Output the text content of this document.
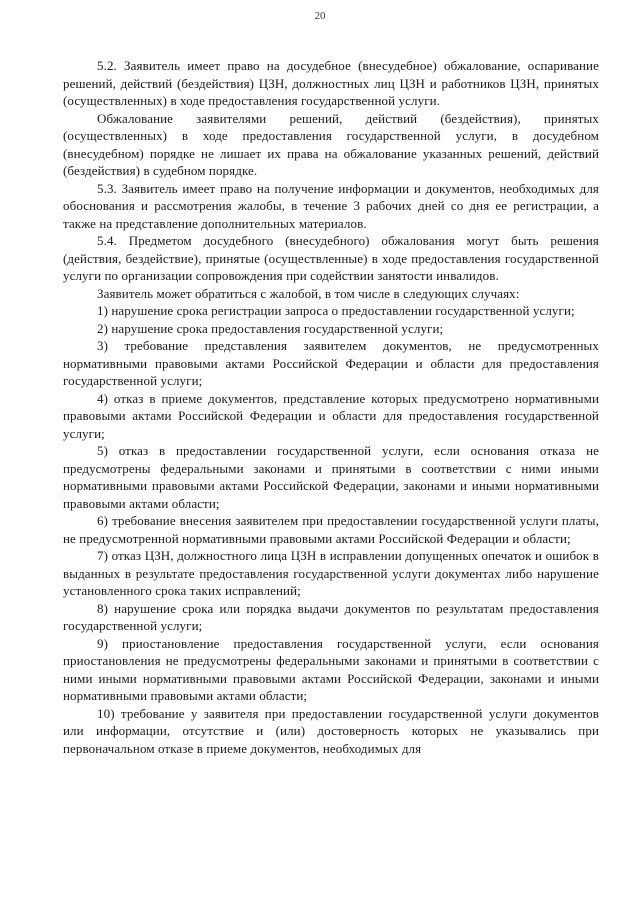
20

5.2. Заявитель имеет право на досудебное (внесудебное) обжалование, оспаривание решений, действий (бездействия) ЦЗН, должностных лиц ЦЗН и работников ЦЗН, принятых (осуществленных) в ходе предоставления государственной услуги.

Обжалование заявителями решений, действий (бездействия), принятых (осуществленных) в ходе предоставления государственной услуги, в досудебном (внесудебном) порядке не лишает их права на обжалование указанных решений, действий (бездействия) в судебном порядке.

5.3. Заявитель имеет право на получение информации и документов, необходимых для обоснования и рассмотрения жалобы, в течение 3 рабочих дней со дня ее регистрации, а также на представление дополнительных материалов.

5.4. Предметом досудебного (внесудебного) обжалования могут быть решения (действия, бездействие), принятые (осуществленные) в ходе предоставления государственной услуги по организации сопровождения при содействии занятости инвалидов.

Заявитель может обратиться с жалобой, в том числе в следующих случаях:

1) нарушение срока регистрации запроса о предоставлении государственной услуги;

2) нарушение срока предоставления государственной услуги;

3) требование представления заявителем документов, не предусмотренных нормативными правовыми актами Российской Федерации и области для предоставления государственной услуги;

4) отказ в приеме документов, представление которых предусмотрено нормативными правовыми актами Российской Федерации и области для предоставления государственной услуги;

5) отказ в предоставлении государственной услуги, если основания отказа не предусмотрены федеральными законами и принятыми в соответствии с ними иными нормативными правовыми актами Российской Федерации, законами и иными нормативными правовыми актами области;

6) требование внесения заявителем при предоставлении государственной услуги платы, не предусмотренной нормативными правовыми актами Российской Федерации и области;

7) отказ ЦЗН, должностного лица ЦЗН в исправлении допущенных опечаток и ошибок в выданных в результате предоставления государственной услуги документах либо нарушение установленного срока таких исправлений;

8) нарушение срока или порядка выдачи документов по результатам предоставления государственной услуги;

9) приостановление предоставления государственной услуги, если основания приостановления не предусмотрены федеральными законами и принятыми в соответствии с ними иными нормативными правовыми актами Российской Федерации, законами и иными нормативными правовыми актами области;

10) требование у заявителя при предоставлении государственной услуги документов или информации, отсутствие и (или) достоверность которых не указывались при первоначальном отказе в приеме документов, необходимых для
